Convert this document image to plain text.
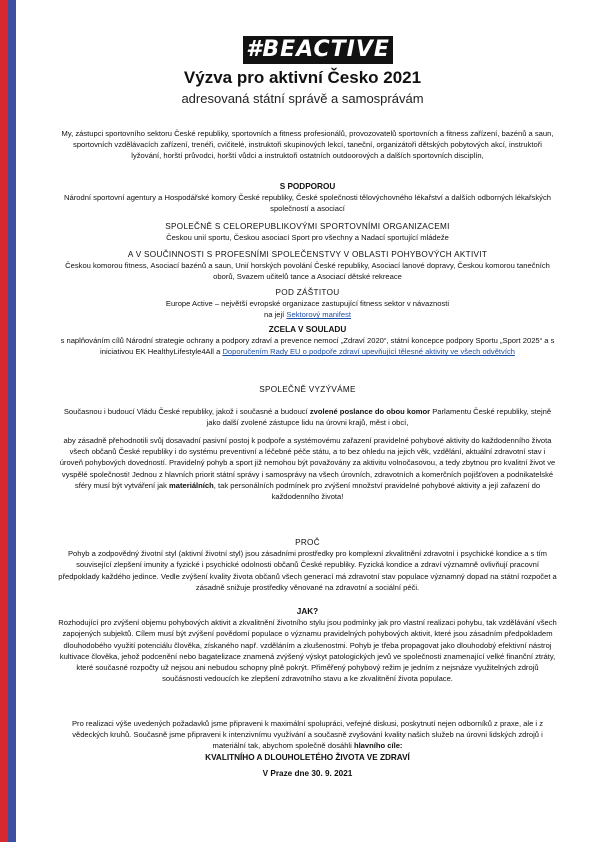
#BEACTIVE
Výzva pro aktivní Česko 2021
adresovaná státní správě a samosprávám
My, zástupci sportovního sektoru České republiky, sportovních a fitness profesionálů, provozovatelů sportovních a fitness zařízení, bazénů a saun, sportovních vzdělávacích zařízení, trenéři, cvičitelé, instruktoři skupinových lekcí, taneční, organizátoři dětských pobytových akcí, instruktoři lyžování, horští průvodci, horští vůdci a instruktoři ostatních outdoorových a dalších sportovních disciplín,
S PODPOROU
Národní sportovní agentury a Hospodářské komory České republiky, České společnosti tělovýchovného lékařství a dalších odborných lékařských společností a asociací
SPOLEČNĚ S CELOREPUBLIKOVÝMI SPORTOVNÍMI ORGANIZACEMI
Českou unií sportu, Českou asociací Sport pro všechny a Nadací sportující mládeže
A V SOUČINNOSTI S PROFESNÍMI SPOLEČENSTVY V OBLASTI POHYBOVÝCH AKTIVIT
Českou komorou fitness, Asociací bazénů a saun, Unií horských povolání České republiky, Asociací lanové dopravy, Českou komorou tanečních oborů, Svazem učitelů tance a Asociací dětské rekreace
POD ZÁŠTITOU
Europe Active – největší evropské organizace zastupující fitness sektor v návaznosti
na její Sektorový manifest
ZCELA V SOULADU
s naplňováním cílů Národní strategie ochrany a podpory zdraví a prevence nemocí „Zdraví 2020“, státní koncepce podpory Sportu „Sport 2025“ a s iniciativou EK HealthyLifestyle4All a Doporučením Rady EU o podpoře zdraví upevňující tělesné aktivity ve všech odvětvích
SPOLEČNĚ VYZÝVÁME
Současnou i budoucí Vládu České republiky, jakož i současné a budoucí zvolené poslance do obou komor Parlamentu České republiky, stejně jako další zvolené zástupce lidu na úrovni krajů, měst i obcí,
aby zásadně přehodnotili svůj dosavadní pasivní postoj k podpoře a systémovému zařazení pravidelné pohybové aktivity do každodenního života všech občanů České republiky i do systému preventivní a léčebné péče státu, a to bez ohledu na jejich věk, vzdělání, aktuální zdravotní stav i úroveň pohybových dovedností. Pravidelný pohyb a sport již nemohou být považovány za aktivitu volnočasovou, a tedy zbytnou pro kvalitní život ve vyspělé společnosti! Jednou z hlavních priorit státní správy i samosprávy na všech úrovních, zdravotních a komerčních pojišťoven a podnikatelské sféry musí být vytváření jak materiálních, tak personálních podmínek pro zvýšení množství pravidelné pohybové aktivity a její zařazení do každodenního života!
PROČ
Pohyb a zodpovědný životní styl (aktivní životní styl) jsou zásadními prostředky pro komplexní zkvalitnění zdravotní i psychické kondice a s tím související zlepšení imunity a fyzické i psychické odolnosti občanů České republiky. Fyzická kondice a zdraví významně ovlivňují pracovní předpoklady každého jedince. Vedle zvýšení kvality života občanů všech generací má zdravotní stav populace významný dopad na státní rozpočet a zásadně snižuje prostředky věnované na zdravotní a sociální péči.
JAK?
Rozhodující pro zvýšení objemu pohybových aktivit a zkvalitnění životního stylu jsou podmínky jak pro vlastní realizaci pohybu, tak vzdělávání všech zapojených subjektů. Cílem musí být zvýšení povědomí populace o významu pravidelných pohybových aktivit, které jsou zásadním předpokladem dlouhodobého využití potenciálu člověka, získaného např. vzděláním a zkušenostmi. Pohyb je třeba propagovat jako dlouhodobý efektivní nástroj kultivace člověka, jehož podcenění nebo bagatelizace znamená zvýšený výskyt patologických jevů ve společnosti znamenající velké finanční ztráty, které současné rozpočty už nejsou ani nebudou schopny plně pokrýt. Přiměřený pohybový režim je jedním z nejsnáze využitelných zdrojů součásnosti vedoucích ke zlepšení zdravotního stavu a ke zkvalitnění života populace.
Pro realizaci výše uvedených požadavků jsme připraveni k maximální spolupráci, veřejné diskusi, poskytnutí nejen odborníků z praxe, ale i z vědeckých kruhů. Současně jsme připraveni k intenzivnímu využívání a současně zvyšování kvality našich služeb na úrovni lidských zdrojů i materiální tak, abychom společně dosáhli hlavního cíle:
KVALITNÍHO A DLOUHOLETÉHO ŽIVOTA VE ZDRAVÍ
V Praze dne 30. 9. 2021
